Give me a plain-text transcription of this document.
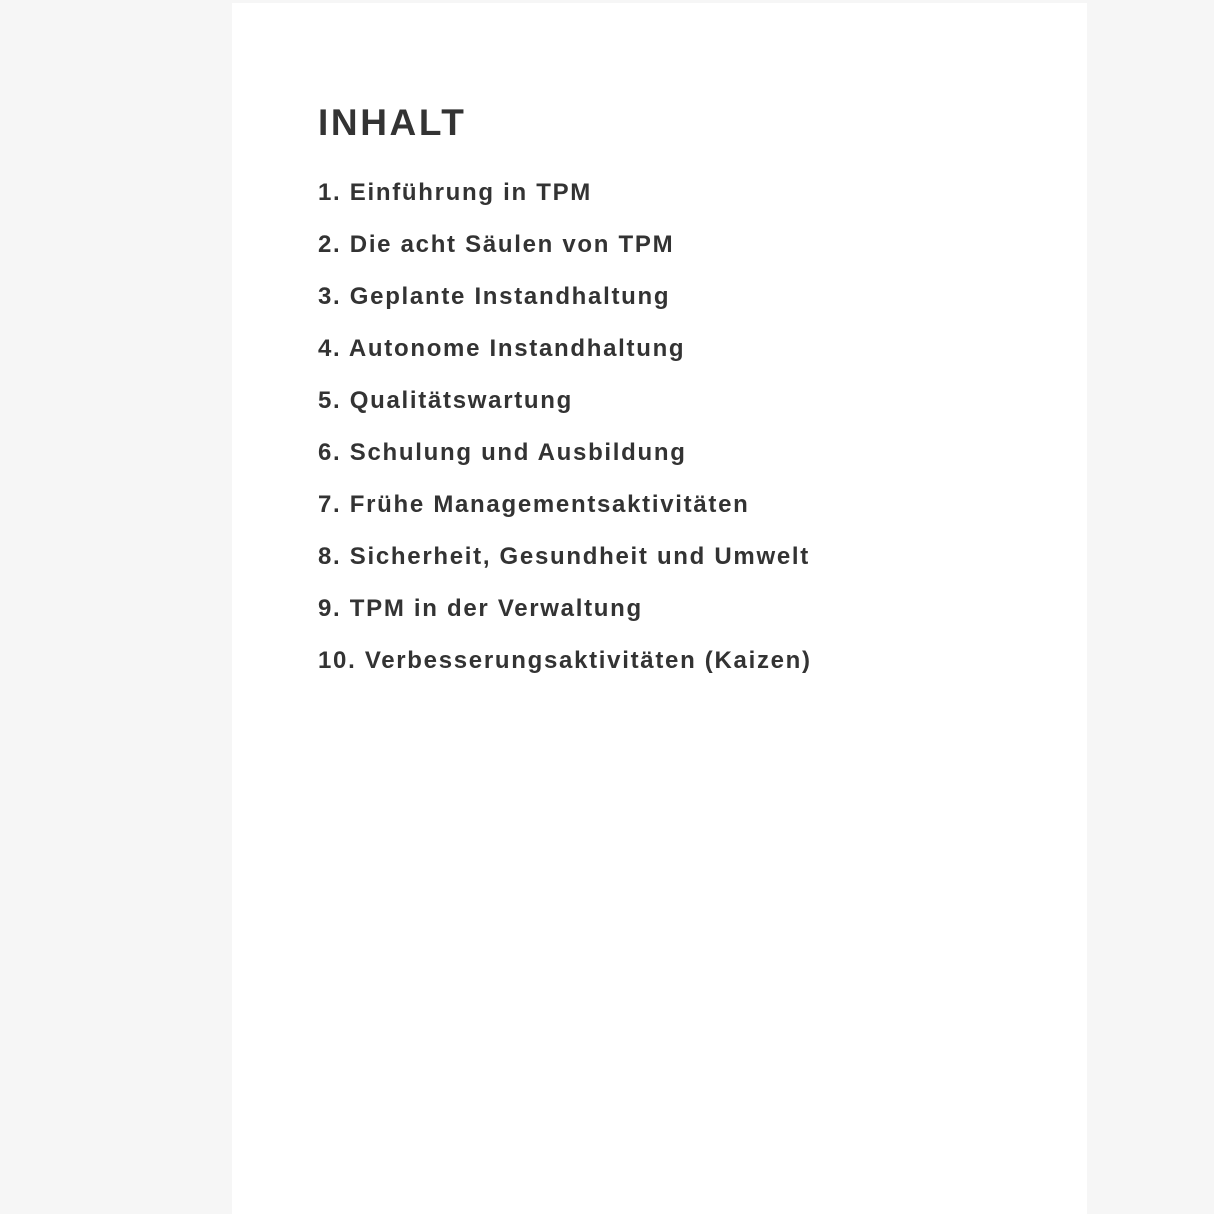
INHALT
1. Einführung in TPM
2. Die acht Säulen von TPM
3. Geplante Instandhaltung
4. Autonome Instandhaltung
5. Qualitätswartung
6. Schulung und Ausbildung
7. Frühe Managementsaktivitäten
8. Sicherheit, Gesundheit und Umwelt
9. TPM in der Verwaltung
10. Verbesserungsaktivitäten (Kaizen)
